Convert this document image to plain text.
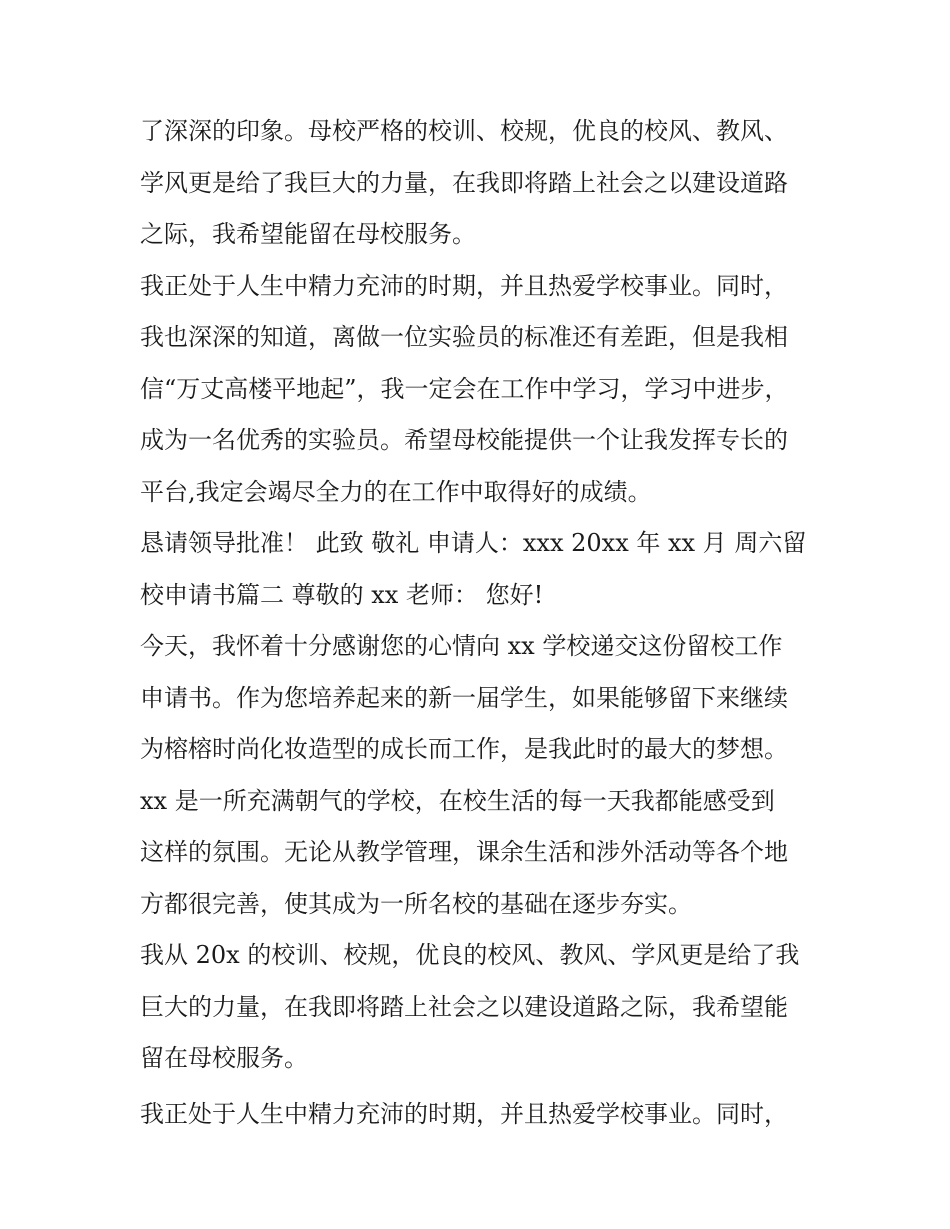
了深深的印象。母校严格的校训、校规，优良的校风、教风、
学风更是给了我巨大的力量，在我即将踏上社会之以建设道路
之际，我希望能留在母校服务。
我正处于人生中精力充沛的时期，并且热爱学校事业。同时，
我也深深的知道，离做一位实验员的标准还有差距，但是我相
信“万丈高楼平地起”，我一定会在工作中学习，学习中进步，
成为一名优秀的实验员。希望母校能提供一个让我发挥专长的
平台,我定会竭尽全力的在工作中取得好的成绩。
恳请领导批准！ 此致 敬礼 申请人：xxx 20xx 年 xx 月 周六留
校申请书篇二 尊敬的 xx 老师： 您好!
今天，我怀着十分感谢您的心情向 xx 学校递交这份留校工作
申请书。作为您培养起来的新一届学生，如果能够留下来继续
为榕榕时尚化妆造型的成长而工作，是我此时的最大的梦想。
xx 是一所充满朝气的学校，在校生活的每一天我都能感受到
这样的氛围。无论从教学管理，课余生活和涉外活动等各个地
方都很完善，使其成为一所名校的基础在逐步夯实。
我从 20x 的校训、校规，优良的校风、教风、学风更是给了我
巨大的力量，在我即将踏上社会之以建设道路之际，我希望能
留在母校服务。
我正处于人生中精力充沛的时期，并且热爱学校事业。同时，
